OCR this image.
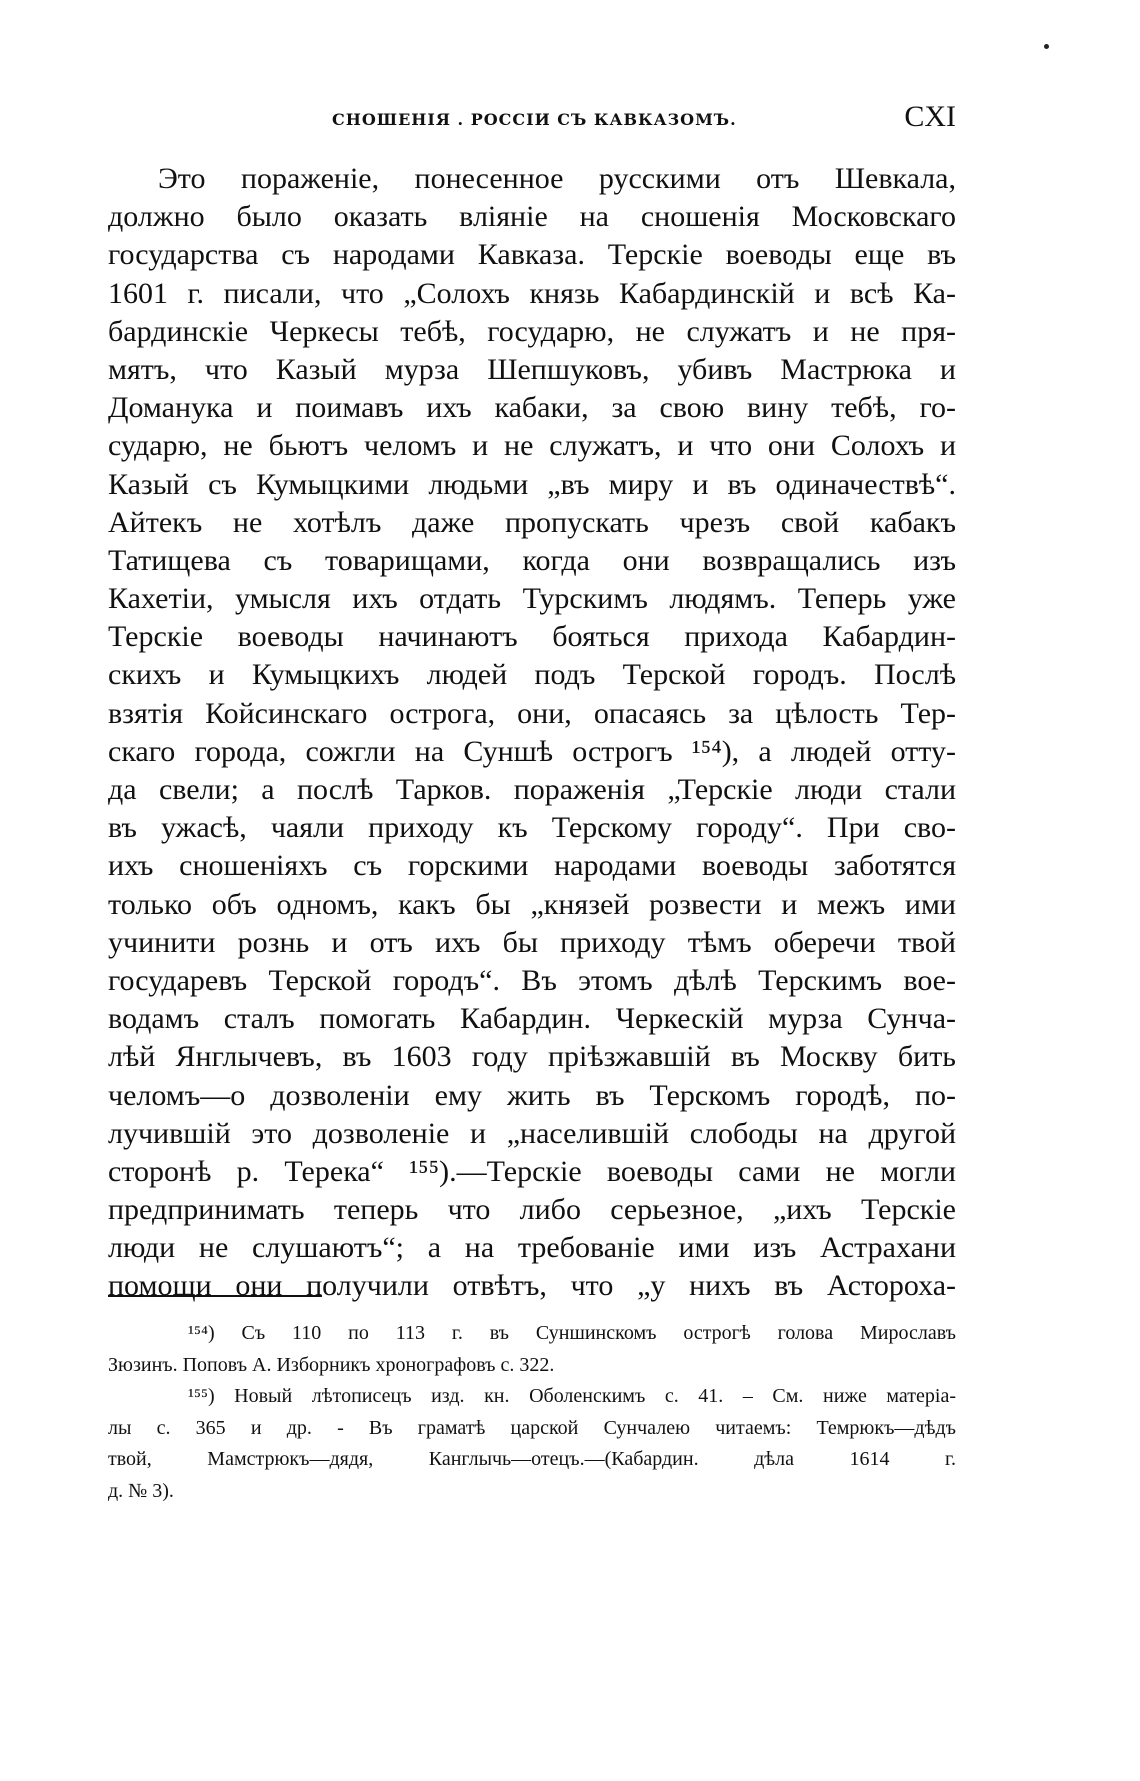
СНОШЕНІЯ . РОССІИ СЪ КАВКАЗОМЪ.	CXI
Это пораженіе, понесенное русскими отъ Шевкала,
должно было оказать вліяніе на сношенія Московскаго
государства съ народами Кавказа. Терскіе воеводы еще въ
1601 г. писали, что „Солохъ князь Кабардинскій и всѣ Ка-
бардинскіе Черкесы тебѣ, государю, не служатъ и не пря-
мятъ, что Казый мурза Шепшуковъ, убивъ Мастрюка и
Доманука и поимавъ ихъ кабаки, за свою вину тебѣ, го-
сударю, не бьютъ челомъ и не служатъ, и что они Солохъ и
Казый съ Кумыцкими людьми „въ миру и въ одиначествѣ“.
Айтекъ не хотѣлъ даже пропускать чрезъ свой кабакъ
Татищева съ товарищами, когда они возвращались изъ
Кахетіи, умысля ихъ отдать Турскимъ людямъ. Теперь уже
Терскіе воеводы начинаютъ бояться прихода Кабардин-
скихъ и Кумыцкихъ людей подъ Терской городъ. Послѣ
взятія Койсинскаго острога, они, опасаясь за цѣлость Тер-
скаго города, сожгли на Суншѣ острогъ ¹⁵⁴), а людей отту-
да свели; а послѣ Тарков. пораженія „Терскіе люди стали
въ ужасѣ, чаяли приходу къ Терскому городу“. При сво-
ихъ сношеніяхъ съ горскими народами воеводы заботятся
только объ одномъ, какъ бы „князей розвести и межъ ими
учинити рознь и отъ ихъ бы приходу тѣмъ оберечи твой
государевъ Терской городъ“. Въ этомъ дѣлѣ Терскимъ вое-
водамъ сталъ помогать Кабардин. Черкескій мурза Сунча-
лѣй Янглычевъ, въ 1603 году пріѣзжавшій въ Москву бить
челомъ—о дозволеніи ему жить въ Терскомъ городѣ, по-
лучившій это дозволеніе и „населившій слободы на другой
сторонѣ р. Терека“ ¹⁵⁵).—Терскіе воеводы сами не могли
предпринимать теперь что либо серьезное, „ихъ Терскіе
люди не слушаютъ“; а на требованіе ими изъ Астрахани
помощи они получили отвѣтъ, что „у нихъ въ Астороха-
¹⁵⁴) Съ 110 по 113 г. въ Суншинскомъ острогѣ голова Мирославъ
Зюзинъ. Поповъ А. Изборникъ хронографовъ с. 322.
¹⁵⁵) Новый лѣтописецъ изд. кн. Оболенскимъ с. 41. – См. ниже матеріа-
лы с. 365 и др. - Въ граматѣ царской Сунчалею читаемъ: Темрюкъ—дѣдъ
твой, Мамстрюкъ—дядя, Канглычь—отецъ.—(Кабардин. дѣла 1614 г.
д. № 3).
